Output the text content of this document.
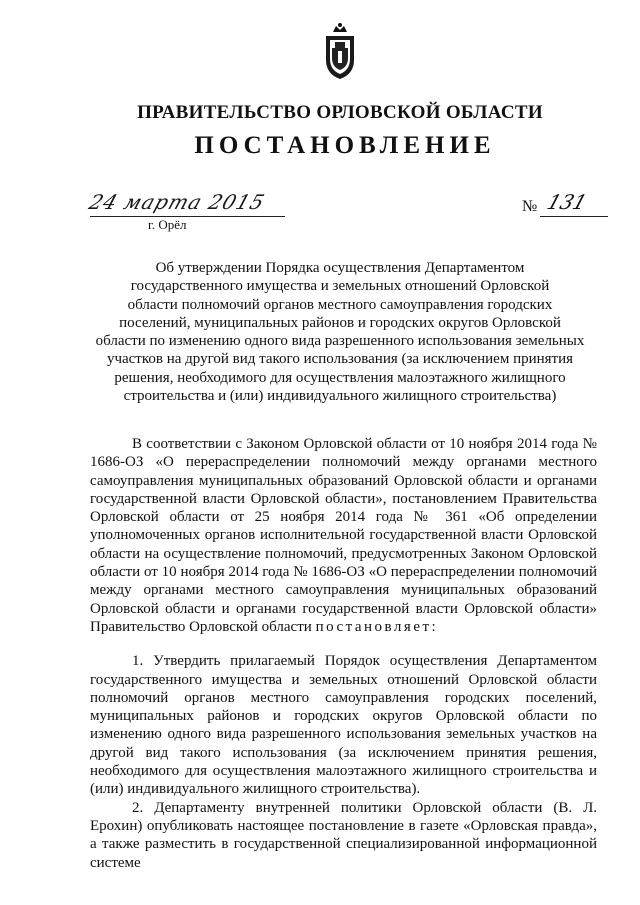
ПРАВИТЕЛЬСТВО ОРЛОВСКОЙ ОБЛАСТИ
ПОСТАНОВЛЕНИЕ
24 марта 2015	№ 131
г. Орёл
Об утверждении Порядка осуществления Департаментом
государственного имущества и земельных отношений Орловской
области полномочий органов местного самоуправления городских
поселений, муниципальных районов и городских округов Орловской
области по изменению одного вида разрешенного использования земельных
участков на другой вид такого использования (за исключением принятия
решения, необходимого для осуществления малоэтажного жилищного
строительства и (или) индивидуального жилищного строительства)

В соответствии с Законом Орловской области от 10 ноября 2014 года № 1686-ОЗ «О перераспределении полномочий между органами местного самоуправления муниципальных образований Орловской области и органами государственной власти Орловской области», постановлением Правительства Орловской области от 25 ноября 2014 года № 361 «Об определении уполномоченных органов исполнительной государственной власти Орловской области на осуществление полномочий, предусмотренных Законом Орловской области от 10 ноября 2014 года № 1686-ОЗ «О перераспределении полномочий между органами местного самоуправления муниципальных образований Орловской области и органами государственной власти Орловской области» Правительство Орловской области постановляет:

1. Утвердить прилагаемый Порядок осуществления Департаментом государственного имущества и земельных отношений Орловской области полномочий органов местного самоуправления городских поселений, муниципальных районов и городских округов Орловской области по изменению одного вида разрешенного использования земельных участков на другой вид такого использования (за исключением принятия решения, необходимого для осуществления малоэтажного жилищного строительства и (или) индивидуального жилищного строительства).

2. Департаменту внутренней политики Орловской области (В. Л. Ерохин) опубликовать настоящее постановление в газете «Орловская правда», а также разместить в государственной специализированной информационной системе
